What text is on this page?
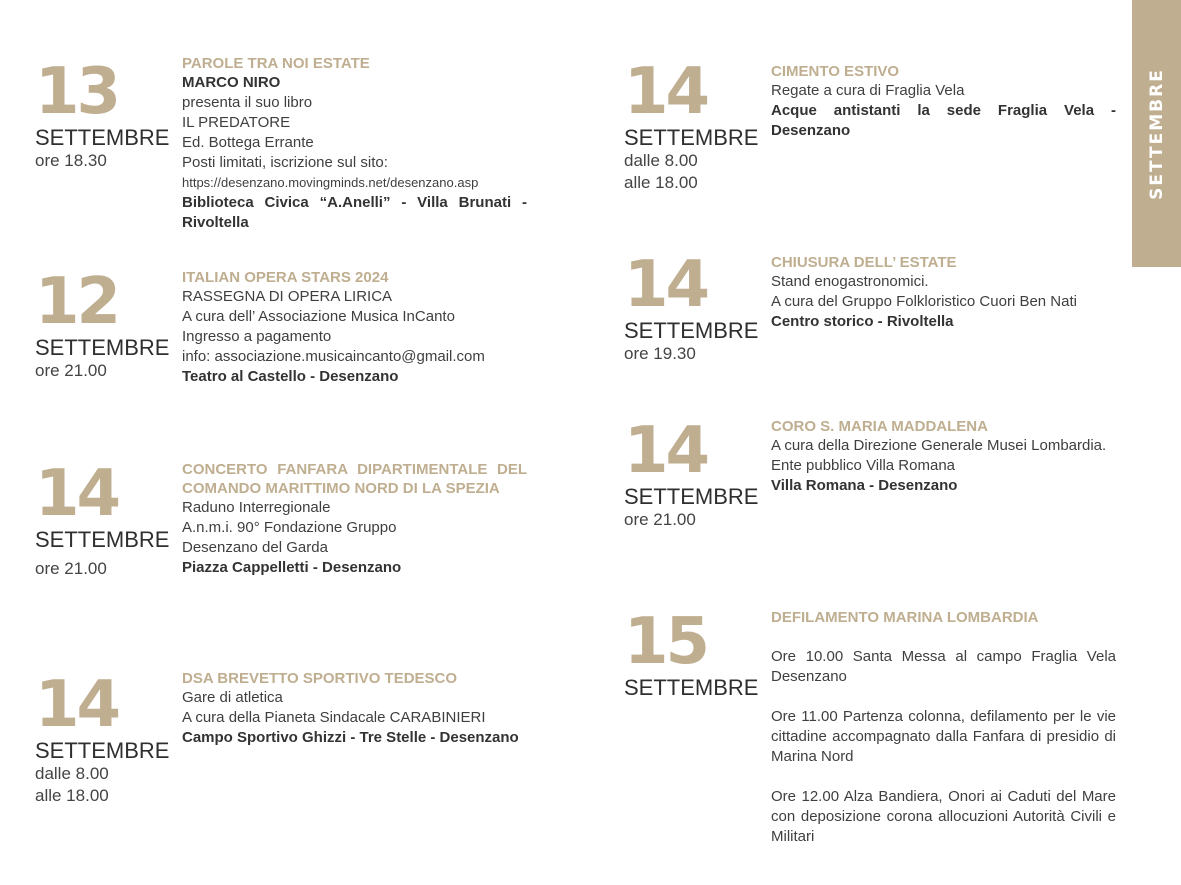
SETTEMBRE
13
SETTEMBRE
ore 18.30
PAROLE TRA NOI ESTATE
MARCO NIRO
presenta il suo libro
IL PREDATORE
Ed. Bottega Errante
Posti limitati, iscrizione sul sito:
https://desenzano.movingminds.net/desenzano.asp
Biblioteca Civica “A.Anelli” - Villa Brunati - Rivoltella
12
SETTEMBRE
ore 21.00
ITALIAN OPERA STARS 2024
RASSEGNA DI OPERA LIRICA
A cura dell’ Associazione Musica InCanto
Ingresso a pagamento
info: associazione.musicaincanto@gmail.com
Teatro al Castello - Desenzano
14
SETTEMBRE
ore 21.00
CONCERTO FANFARA DIPARTIMENTALE DEL COMANDO MARITTIMO NORD DI LA SPEZIA
Raduno Interregionale
A.n.m.i. 90° Fondazione Gruppo
Desenzano del Garda
Piazza Cappelletti - Desenzano
14
SETTEMBRE
dalle 8.00
alle 18.00
DSA BREVETTO SPORTIVO TEDESCO
Gare di atletica
A cura della Pianeta Sindacale CARABINIERI
Campo Sportivo Ghizzi - Tre Stelle - Desenzano
14
SETTEMBRE
dalle 8.00
alle 18.00
CIMENTO ESTIVO
Regate a cura di Fraglia Vela
Acque antistanti la sede Fraglia Vela - Desenzano
14
SETTEMBRE
ore 19.30
CHIUSURA DELL’ ESTATE
Stand enogastronomici.
A cura del Gruppo Folkloristico Cuori Ben Nati
Centro storico - Rivoltella
14
SETTEMBRE
ore 21.00
CORO S. MARIA MADDALENA
A cura della Direzione Generale Musei Lombardia.
Ente pubblico Villa Romana
Villa Romana - Desenzano
15
SETTEMBRE
DEFILAMENTO MARINA LOMBARDIA
Ore 10.00 Santa Messa al campo Fraglia Vela Desenzano
Ore 11.00 Partenza colonna, defilamento per le vie cittadine accompagnato dalla Fanfara di presidio di Marina Nord
Ore 12.00 Alza Bandiera, Onori ai Caduti del Mare con deposizione corona allocuzioni Autorità Civili e Militari
